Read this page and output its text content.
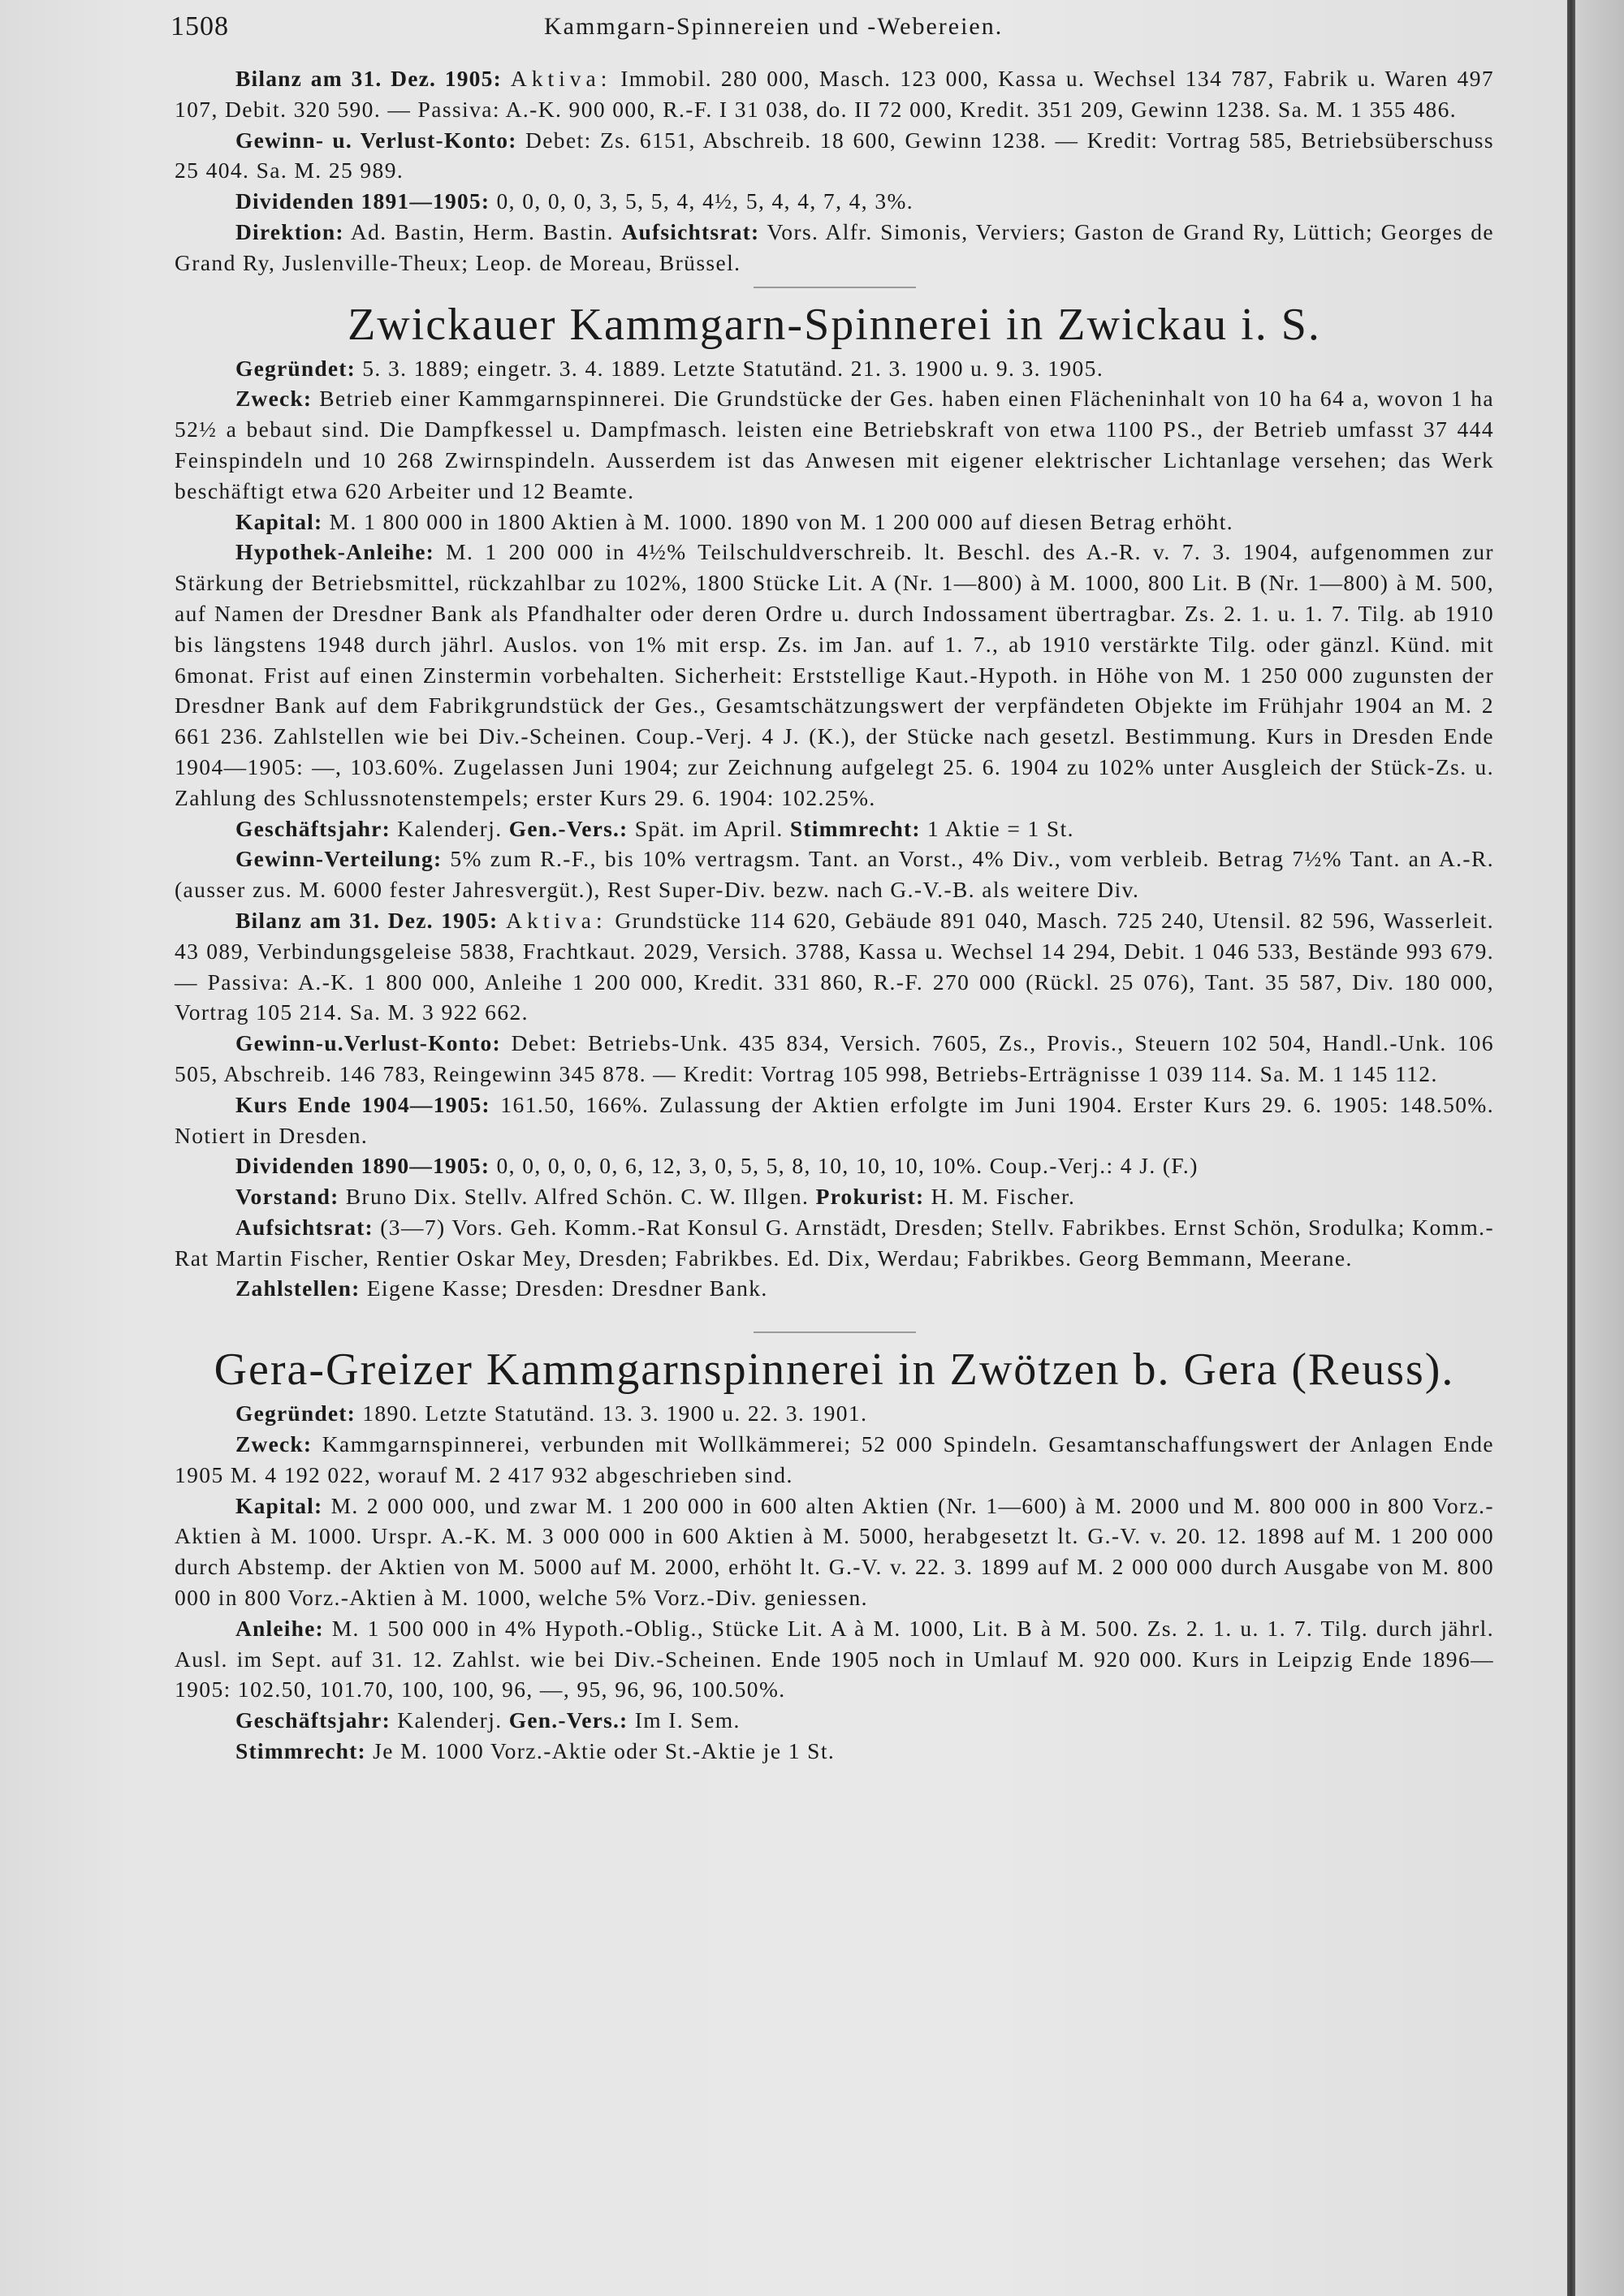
1508	Kammgarn-Spinnereien und -Webereien.

Bilanz am 31. Dez. 1905: Aktiva: Immobil. 280 000, Masch. 123 000, Kassa u. Wechsel 134 787, Fabrik u. Waren 497 107, Debit. 320 590. — Passiva: A.-K. 900 000, R.-F. I 31 038, do. II 72 000, Kredit. 351 209, Gewinn 1238. Sa. M. 1 355 486.

Gewinn- u. Verlust-Konto: Debet: Zs. 6151, Abschreib. 18 600, Gewinn 1238. — Kredit: Vortrag 585, Betriebsüberschuss 25 404. Sa. M. 25 989.

Dividenden 1891—1905: 0, 0, 0, 0, 3, 5, 5, 4, 4½, 5, 4, 4, 7, 4, 3%.

Direktion: Ad. Bastin, Herm. Bastin. Aufsichtsrat: Vors. Alfr. Simonis, Verviers; Gaston de Grand Ry, Lüttich; Georges de Grand Ry, Juslenville-Theux; Leop. de Moreau, Brüssel.

Zwickauer Kammgarn-Spinnerei in Zwickau i. S.

Gegründet: 5. 3. 1889; eingetr. 3. 4. 1889. Letzte Statutänd. 21. 3. 1900 u. 9. 3. 1905.

Zweck: Betrieb einer Kammgarnspinnerei. Die Grundstücke der Ges. haben einen Flächeninhalt von 10 ha 64 a, wovon 1 ha 52½ a bebaut sind. Die Dampfkessel u. Dampfmasch. leisten eine Betriebskraft von etwa 1100 PS., der Betrieb umfasst 37 444 Feinspindeln und 10 268 Zwirnspindeln. Ausserdem ist das Anwesen mit eigener elektrischer Lichtanlage versehen; das Werk beschäftigt etwa 620 Arbeiter und 12 Beamte.

Kapital: M. 1 800 000 in 1800 Aktien à M. 1000. 1890 von M. 1 200 000 auf diesen Betrag erhöht.

Hypothek-Anleihe: M. 1 200 000 in 4½% Teilschuldverschreib. lt. Beschl. des A.-R. v. 7. 3. 1904, aufgenommen zur Stärkung der Betriebsmittel, rückzahlbar zu 102%, 1800 Stücke Lit. A (Nr. 1—800) à M. 1000, 800 Lit. B (Nr. 1—800) à M. 500, auf Namen der Dresdner Bank als Pfandhalter oder deren Ordre u. durch Indossament übertragbar. Zs. 2. 1. u. 1. 7. Tilg. ab 1910 bis längstens 1948 durch jährl. Auslos. von 1% mit ersp. Zs. im Jan. auf 1. 7., ab 1910 verstärkte Tilg. oder gänzl. Künd. mit 6monat. Frist auf einen Zinstermin vorbehalten. Sicherheit: Erststellige Kaut.-Hypoth. in Höhe von M. 1 250 000 zugunsten der Dresdner Bank auf dem Fabrikgrundstück der Ges., Gesamtschätzungswert der verpfändeten Objekte im Frühjahr 1904 an M. 2 661 236. Zahlstellen wie bei Div.-Scheinen. Coup.-Verj. 4 J. (K.), der Stücke nach gesetzl. Bestimmung. Kurs in Dresden Ende 1904—1905: —, 103.60%. Zugelassen Juni 1904; zur Zeichnung aufgelegt 25. 6. 1904 zu 102% unter Ausgleich der Stück-Zs. u. Zahlung des Schlussnotenstempels; erster Kurs 29. 6. 1904: 102.25%.

Geschäftsjahr: Kalenderj. Gen.-Vers.: Spät. im April. Stimmrecht: 1 Aktie = 1 St.

Gewinn-Verteilung: 5% zum R.-F., bis 10% vertragsm. Tant. an Vorst., 4% Div., vom verbleib. Betrag 7½% Tant. an A.-R. (ausser zus. M. 6000 fester Jahresvergüt.), Rest Super-Div. bezw. nach G.-V.-B. als weitere Div.

Bilanz am 31. Dez. 1905: Aktiva: Grundstücke 114 620, Gebäude 891 040, Masch. 725 240, Utensil. 82 596, Wasserleit. 43 089, Verbindungsgeleise 5838, Frachtkaut. 2029, Versich. 3788, Kassa u. Wechsel 14 294, Debit. 1 046 533, Bestände 993 679. — Passiva: A.-K. 1 800 000, Anleihe 1 200 000, Kredit. 331 860, R.-F. 270 000 (Rückl. 25 076), Tant. 35 587, Div. 180 000, Vortrag 105 214. Sa. M. 3 922 662.

Gewinn-u.Verlust-Konto: Debet: Betriebs-Unk. 435 834, Versich. 7605, Zs., Provis., Steuern 102 504, Handl.-Unk. 106 505, Abschreib. 146 783, Reingewinn 345 878. — Kredit: Vortrag 105 998, Betriebs-Erträgnisse 1 039 114. Sa. M. 1 145 112.

Kurs Ende 1904—1905: 161.50, 166%. Zulassung der Aktien erfolgte im Juni 1904. Erster Kurs 29. 6. 1905: 148.50%. Notiert in Dresden.

Dividenden 1890—1905: 0, 0, 0, 0, 0, 6, 12, 3, 0, 5, 5, 8, 10, 10, 10, 10%. Coup.-Verj.: 4 J. (F.)

Vorstand: Bruno Dix. Stellv. Alfred Schön. C. W. Illgen. Prokurist: H. M. Fischer.

Aufsichtsrat: (3—7) Vors. Geh. Komm.-Rat Konsul G. Arnstädt, Dresden; Stellv. Fabrikbes. Ernst Schön, Srodulka; Komm.-Rat Martin Fischer, Rentier Oskar Mey, Dresden; Fabrikbes. Ed. Dix, Werdau; Fabrikbes. Georg Bemmann, Meerane.

Zahlstellen: Eigene Kasse; Dresden: Dresdner Bank.

Gera-Greizer Kammgarnspinnerei in Zwötzen b. Gera (Reuss).

Gegründet: 1890. Letzte Statutänd. 13. 3. 1900 u. 22. 3. 1901.

Zweck: Kammgarnspinnerei, verbunden mit Wollkämmerei; 52 000 Spindeln. Gesamtanschaffungswert der Anlagen Ende 1905 M. 4 192 022, worauf M. 2 417 932 abgeschrieben sind.

Kapital: M. 2 000 000, und zwar M. 1 200 000 in 600 alten Aktien (Nr. 1—600) à M. 2000 und M. 800 000 in 800 Vorz.-Aktien à M. 1000. Urspr. A.-K. M. 3 000 000 in 600 Aktien à M. 5000, herabgesetzt lt. G.-V. v. 20. 12. 1898 auf M. 1 200 000 durch Abstemp. der Aktien von M. 5000 auf M. 2000, erhöht lt. G.-V. v. 22. 3. 1899 auf M. 2 000 000 durch Ausgabe von M. 800 000 in 800 Vorz.-Aktien à M. 1000, welche 5% Vorz.-Div. geniessen.

Anleihe: M. 1 500 000 in 4% Hypoth.-Oblig., Stücke Lit. A à M. 1000, Lit. B à M. 500. Zs. 2. 1. u. 1. 7. Tilg. durch jährl. Ausl. im Sept. auf 31. 12. Zahlst. wie bei Div.-Scheinen. Ende 1905 noch in Umlauf M. 920 000. Kurs in Leipzig Ende 1896—1905: 102.50, 101.70, 100, 100, 96, —, 95, 96, 96, 100.50%.

Geschäftsjahr: Kalenderj. Gen.-Vers.: Im I. Sem.

Stimmrecht: Je M. 1000 Vorz.-Aktie oder St.-Aktie je 1 St.
